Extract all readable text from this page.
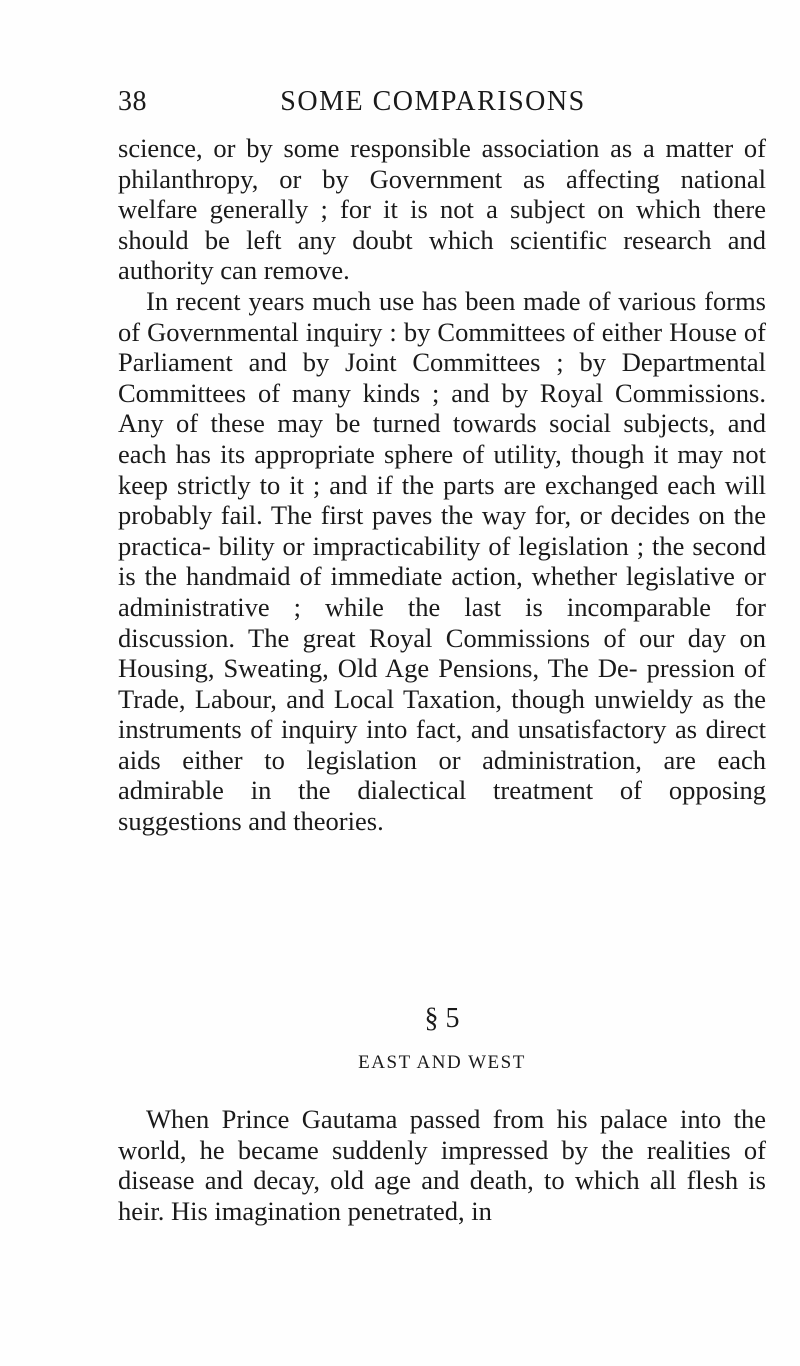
38	SOME COMPARISONS

science, or by some responsible association as a matter of philanthropy, or by Government as affecting national welfare generally ; for it is not a subject on which there should be left any doubt which scientific research and authority can remove.

In recent years much use has been made of various forms of Governmental inquiry : by Committees of either House of Parliament and by Joint Committees ; by Departmental Committees of many kinds ; and by Royal Commissions. Any of these may be turned towards social subjects, and each has its appropriate sphere of utility, though it may not keep strictly to it ; and if the parts are exchanged each will probably fail. The first paves the way for, or decides on the practica- bility or impracticability of legislation ; the second is the handmaid of immediate action, whether legislative or administrative ; while the last is incomparable for discussion. The great Royal Commissions of our day on Housing, Sweating, Old Age Pensions, The De- pression of Trade, Labour, and Local Taxation, though unwieldy as the instruments of inquiry into fact, and unsatisfactory as direct aids either to legislation or administration, are each admirable in the dialectical treatment of opposing suggestions and theories.

§ 5
EAST AND WEST

When Prince Gautama passed from his palace into the world, he became suddenly impressed by the realities of disease and decay, old age and death, to which all flesh is heir. His imagination penetrated, in
